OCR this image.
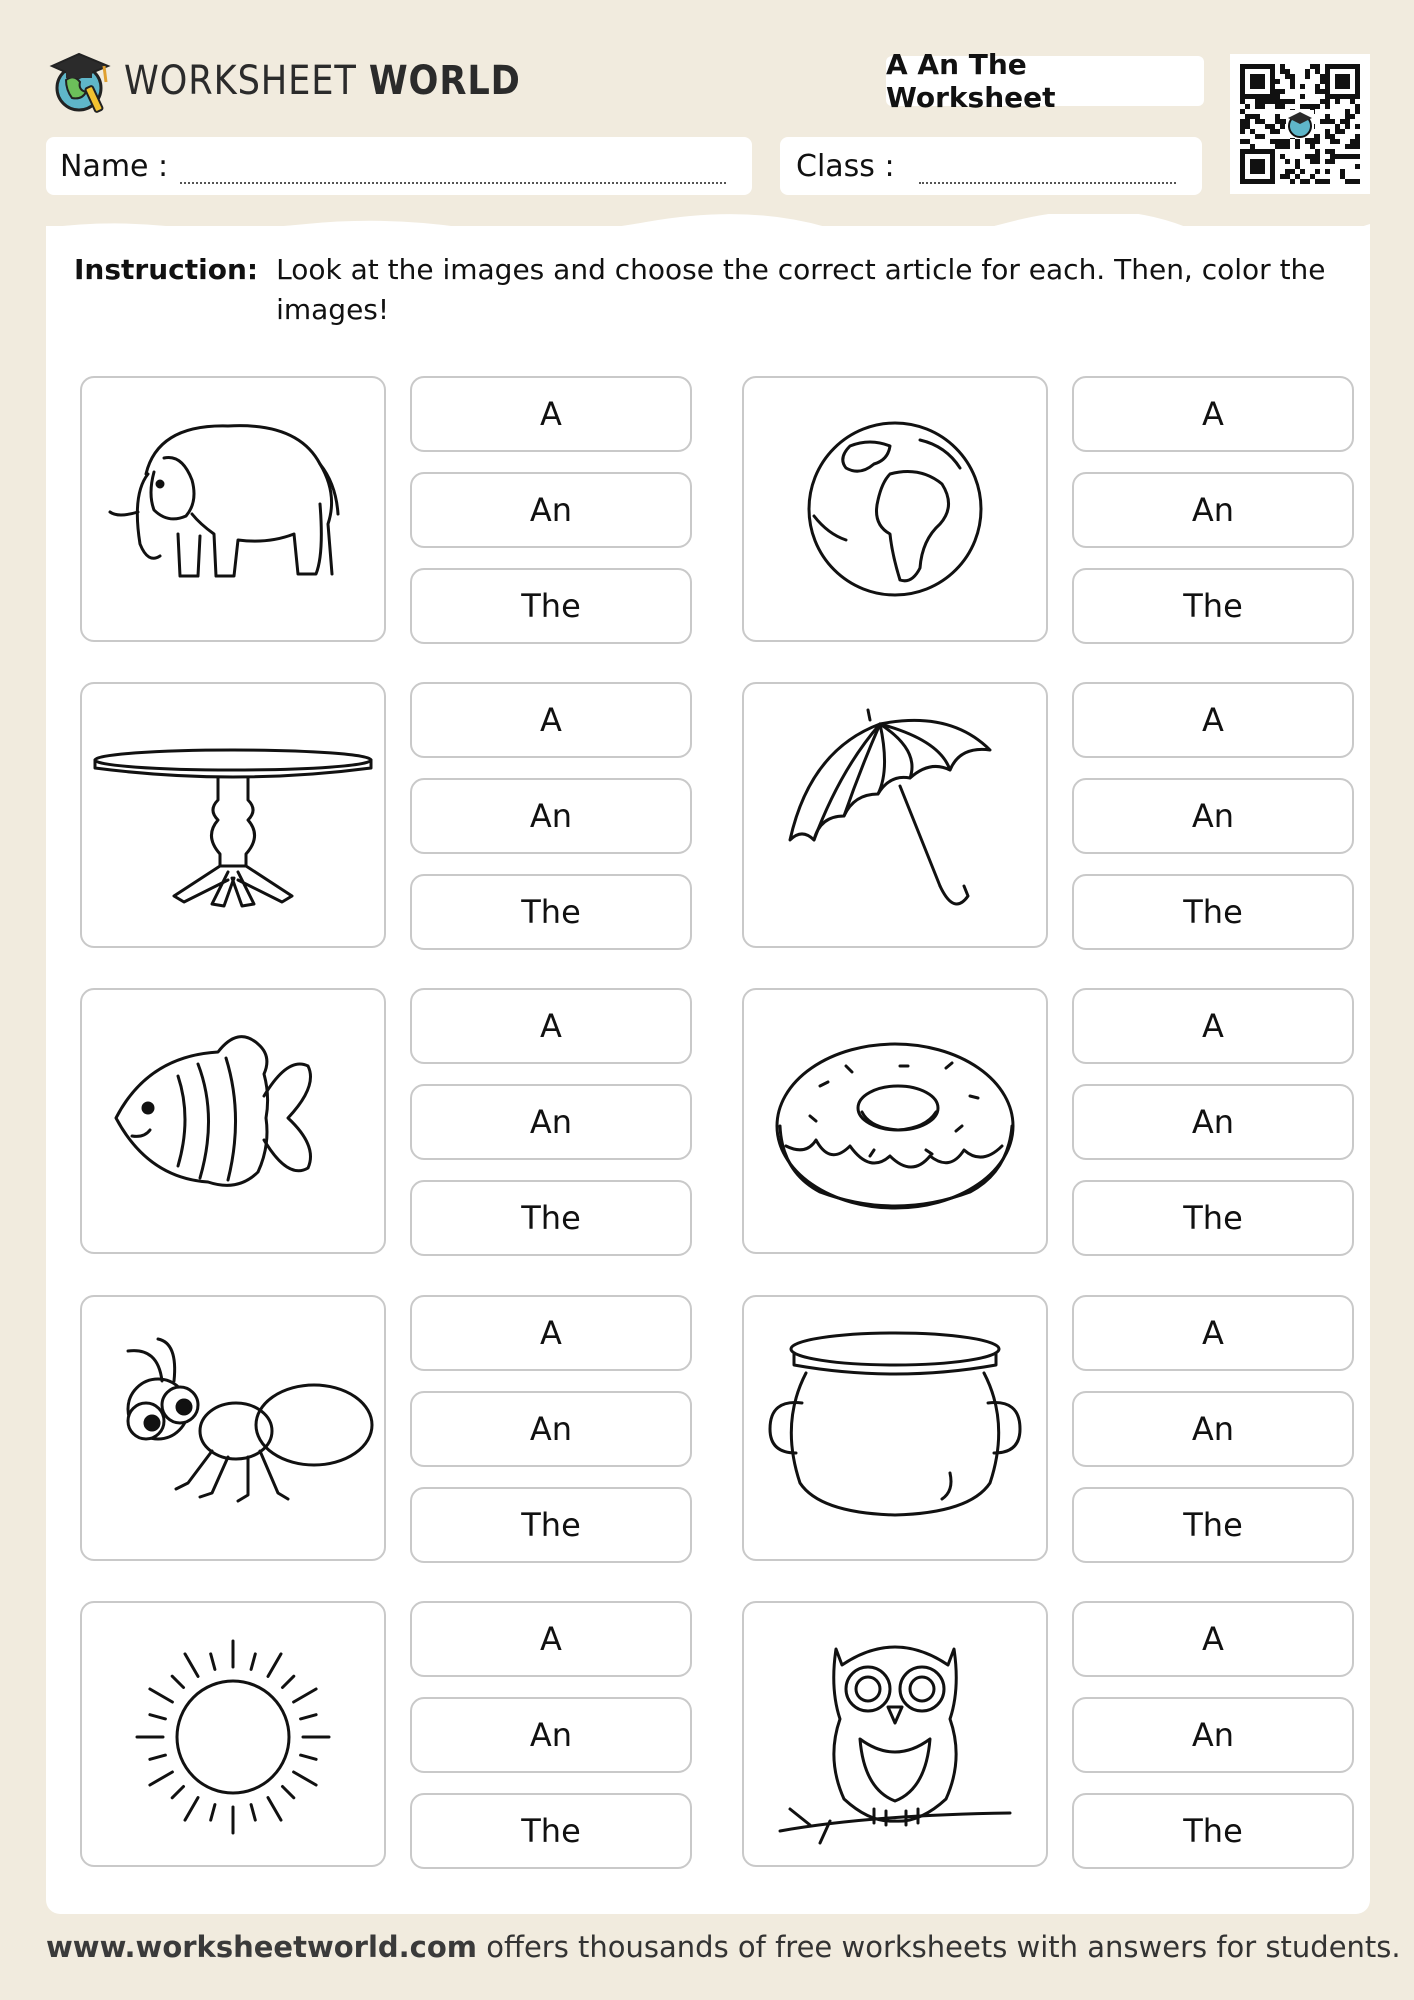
WORKSHEET WORLD	A An The Worksheet
Name :	Class :
Instruction: Look at the images and choose the correct article for each. Then, color the images!
A
An
The
A
An
The
A
An
The
A
An
The
A
An
The
A
An
The
A
An
The
A
An
The
A
An
The
A
An
The
www.worksheetworld.com offers thousands of free worksheets with answers for students.
